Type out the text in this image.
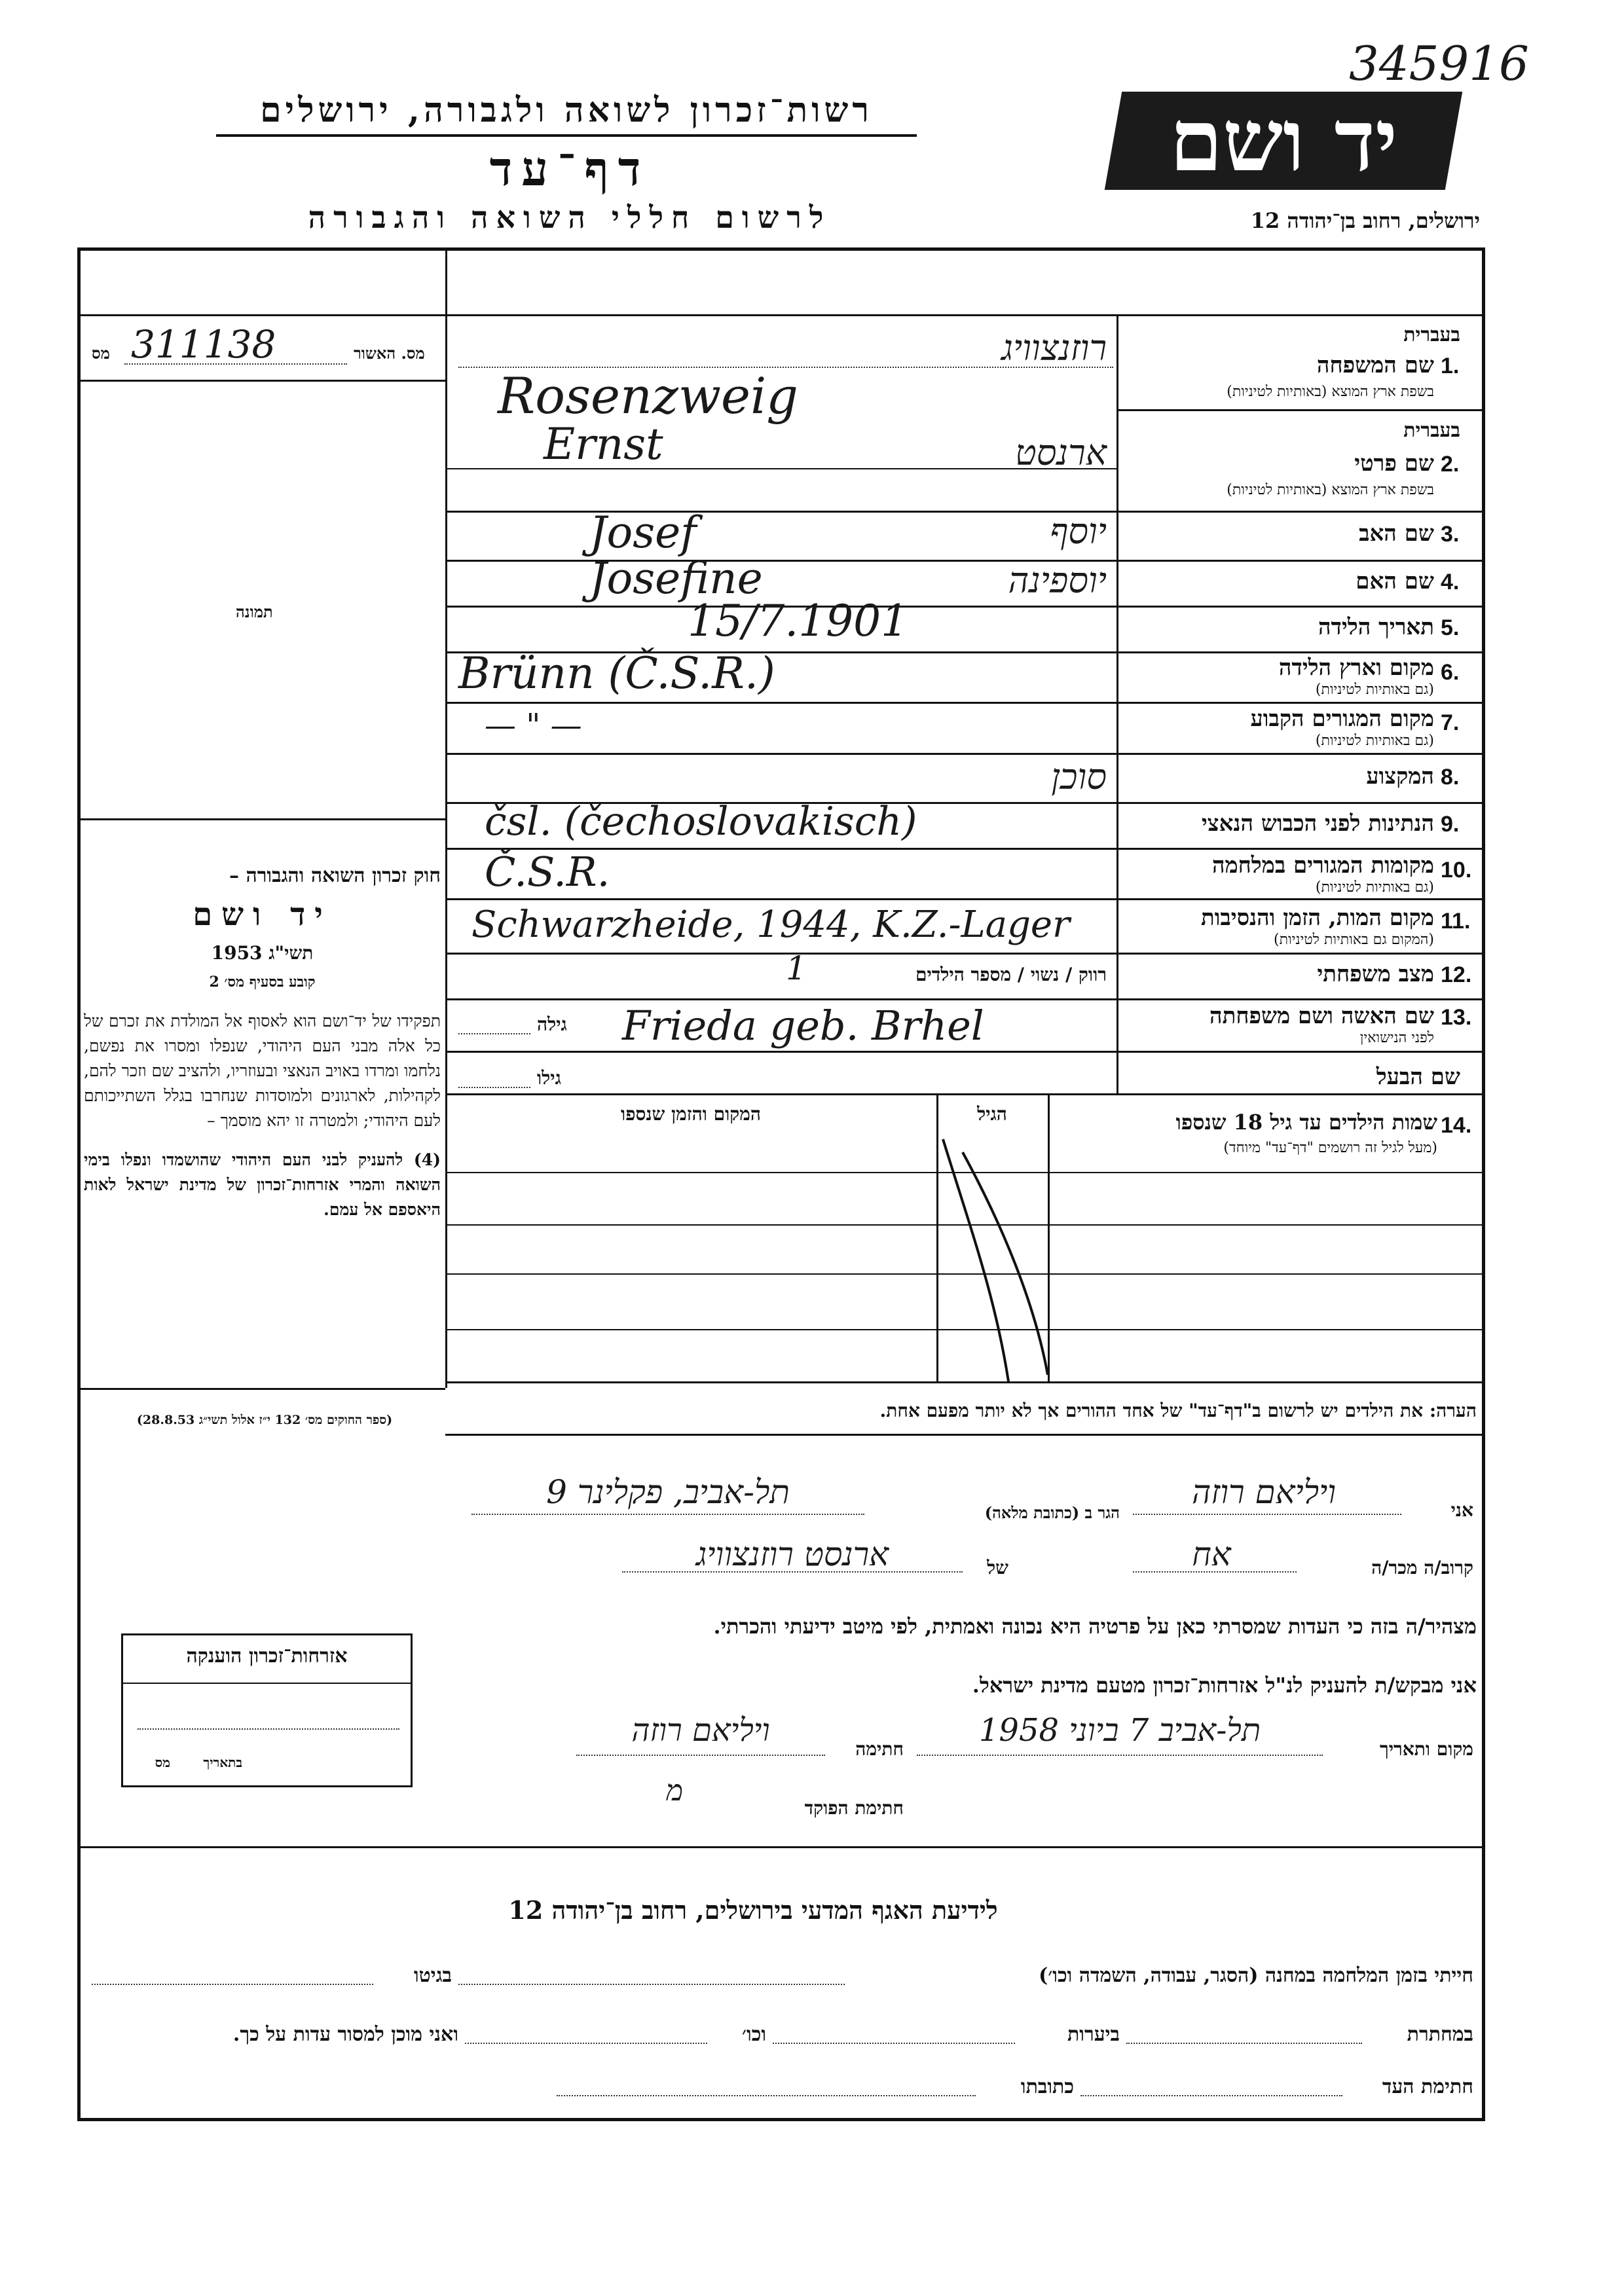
345916
רשות־זכרון לשואה ולגבורה, ירושלים
דף־עד
לרשום חללי השואה והגבורה
יד ושם
ירושלים, רחוב בן־יהודה 12
מס. האשור
מס 311138
תמונה

חוק זכרון השואה והגבורה –

יד ושם

תשי"ג 1953

קובע בסעיף מס׳ 2

תפקידו של יד־ושם הוא לאסוף אל המולדת את זכרם של כל אלה מבני העם היהודי, שנפלו ומסרו את נפשם, נלחמו ומרדו באויב הנאצי ובעוזריו, ולהציב שם וזכר להם, לקהילות, לארגונים ולמוסדות שנחרבו בגלל השתייכותם לעם היהודי; ולמטרה זו יהא מוסמך –

(4) להעניק לבני העם היהודי שהושמדו ונפלו בימי השואה והמרי אזרחות־זכרון של מדינת ישראל לאות היאספם אל עמם.

(ספר החוקים מס׳ 132 י״ז אלול תשי״ג 28.8.53)
1.
שם המשפחה
בשפת ארץ המוצא (באותיות לטיניות)
בעברית
רוזנצוויג
Rosenzweig
בעברית
2.
שם פרטי
בשפת ארץ המוצא (באותיות לטיניות)
Ernst	ארנסט
3.
שם האב
Josef	יוסף
4.
שם האם
Josefine	יוספינה
5.
תאריך הלידה
15/7.1901
6.
מקום וארץ הלידה
(גם באותיות לטיניות)
Brünn (Č.S.R.)
7.
מקום המגורים הקבוע
(גם באותיות לטיניות)
— " —
8.
המקצוע
סוכן
9.
הנתינות לפני הכבוש הנאצי
čsl. (čechoslovakisch)
10.
מקומות המגורים במלחמה
(גם באותיות לטיניות)
Č.S.R.
11.
מקום המות, הזמן והנסיבות
(המקום גם באותיות לטיניות)
Schwarzheide, 1944, K.Z.-Lager
12.
מצב משפחתי
רווק / נשוי / מספר הילדים
1
13.
שם האשה ושם משפחתה
לפני הנישואין
גילה Frieda geb. Brhel
שם הבעל
גילו
14.
שמות הילדים עד גיל 18 שנספו
(מעל לגיל זה רושמים "דף־עד" מיוחד)
הגיל
המקום והזמן שנספו
הערה: את הילדים יש לרשום ב"דף־עד" של אחד ההורים אך לא יותר מפעם אחת.
אני
ויליאם רוזה
הגר ב (כתובת מלאה)
תל-אביב, פקלינר 9
קרוב/ה מכר/ה
אח
של
ארנסט רוזנצוויג
מצהיר/ה בזה כי העדות שמסרתי כאן על פרטיה היא נכונה ואמתית, לפי מיטב ידיעתי והכרתי.
אני מבקש/ת להעניק לנ"ל אזרחות־זכרון מטעם מדינת ישראל.
מקום ותאריך
תל-אביב 7 ביוני 1958
חתימה
ויליאם רוזה
חתימת הפוקד
מ
אזרחות־זכרון הוענקה
מס	בתאריך
לידיעת האגף המדעי בירושלים, רחוב בן־יהודה 12
חייתי בזמן המלחמה במחנה (הסגר, עבודה, השמדה וכו׳)
בגיטו
במחתרת
ביערות
וכו׳
ואני מוכן למסור עדות על כך.
חתימת העד
כתובתו
